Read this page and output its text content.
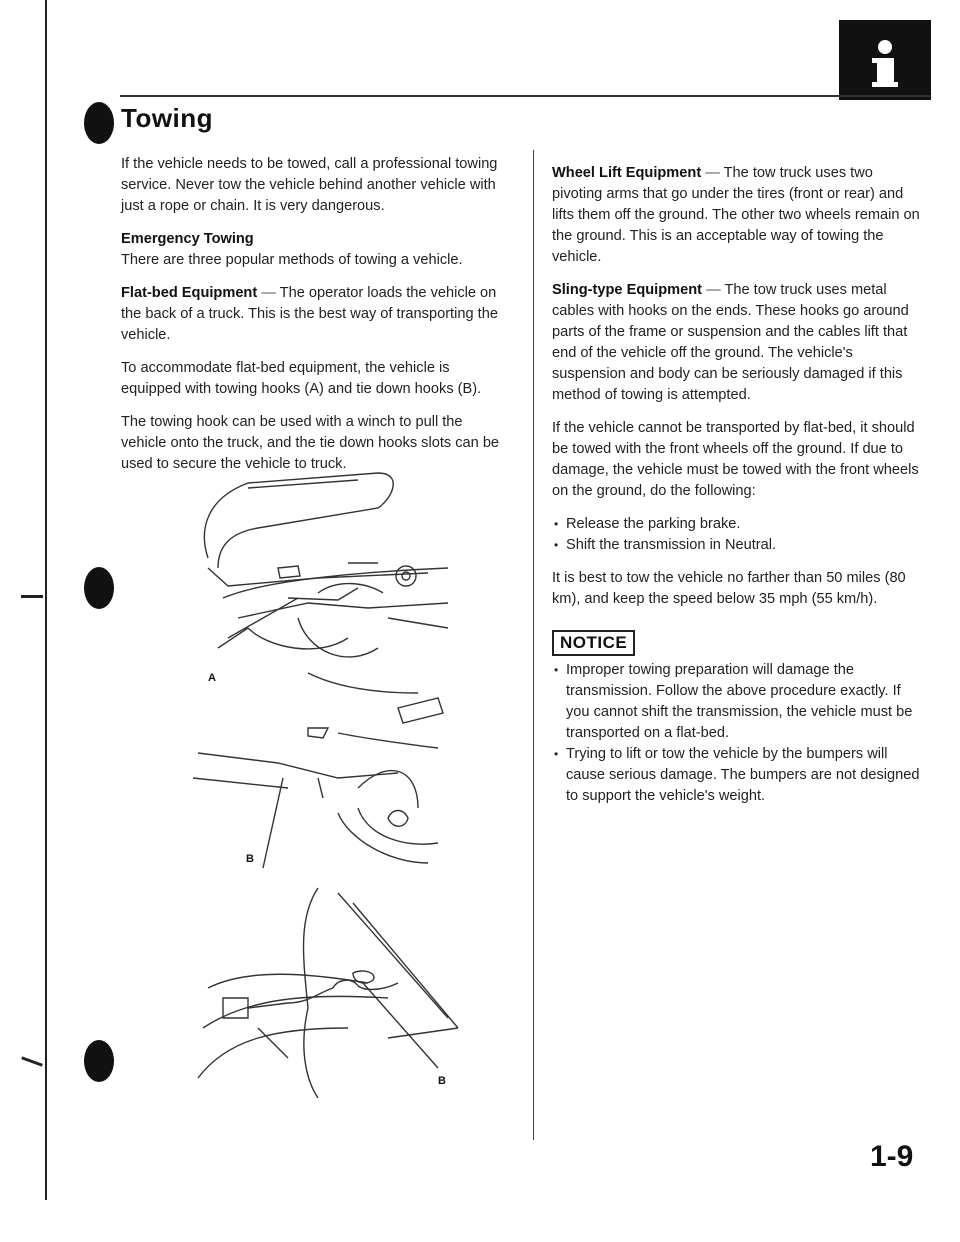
Towing

If the vehicle needs to be towed, call a professional towing service. Never tow the vehicle behind another vehicle with just a rope or chain. It is very dangerous.

Emergency Towing
There are three popular methods of towing a vehicle.

Flat-bed Equipment — The operator loads the vehicle on the back of a truck. This is the best way of transporting the vehicle.

To accommodate flat-bed equipment, the vehicle is equipped with towing hooks (A) and tie down hooks (B).

The towing hook can be used with a winch to pull the vehicle onto the truck, and the tie down hooks slots can be used to secure the vehicle to truck.

A
B
B

Wheel Lift Equipment — The tow truck uses two pivoting arms that go under the tires (front or rear) and lifts them off the ground. The other two wheels remain on the ground. This is an acceptable way of towing the vehicle.

Sling-type Equipment — The tow truck uses metal cables with hooks on the ends. These hooks go around parts of the frame or suspension and the cables lift that end of the vehicle off the ground. The vehicle's suspension and body can be seriously damaged if this method of towing is attempted.

If the vehicle cannot be transported by flat-bed, it should be towed with the front wheels off the ground. If due to damage, the vehicle must be towed with the front wheels on the ground, do the following:

• Release the parking brake.
• Shift the transmission in Neutral.

It is best to tow the vehicle no farther than 50 miles (80 km), and keep the speed below 35 mph (55 km/h).

NOTICE
• Improper towing preparation will damage the transmission. Follow the above procedure exactly. If you cannot shift the transmission, the vehicle must be transported on a flat-bed.
• Trying to lift or tow the vehicle by the bumpers will cause serious damage. The bumpers are not designed to support the vehicle's weight.
1-9
